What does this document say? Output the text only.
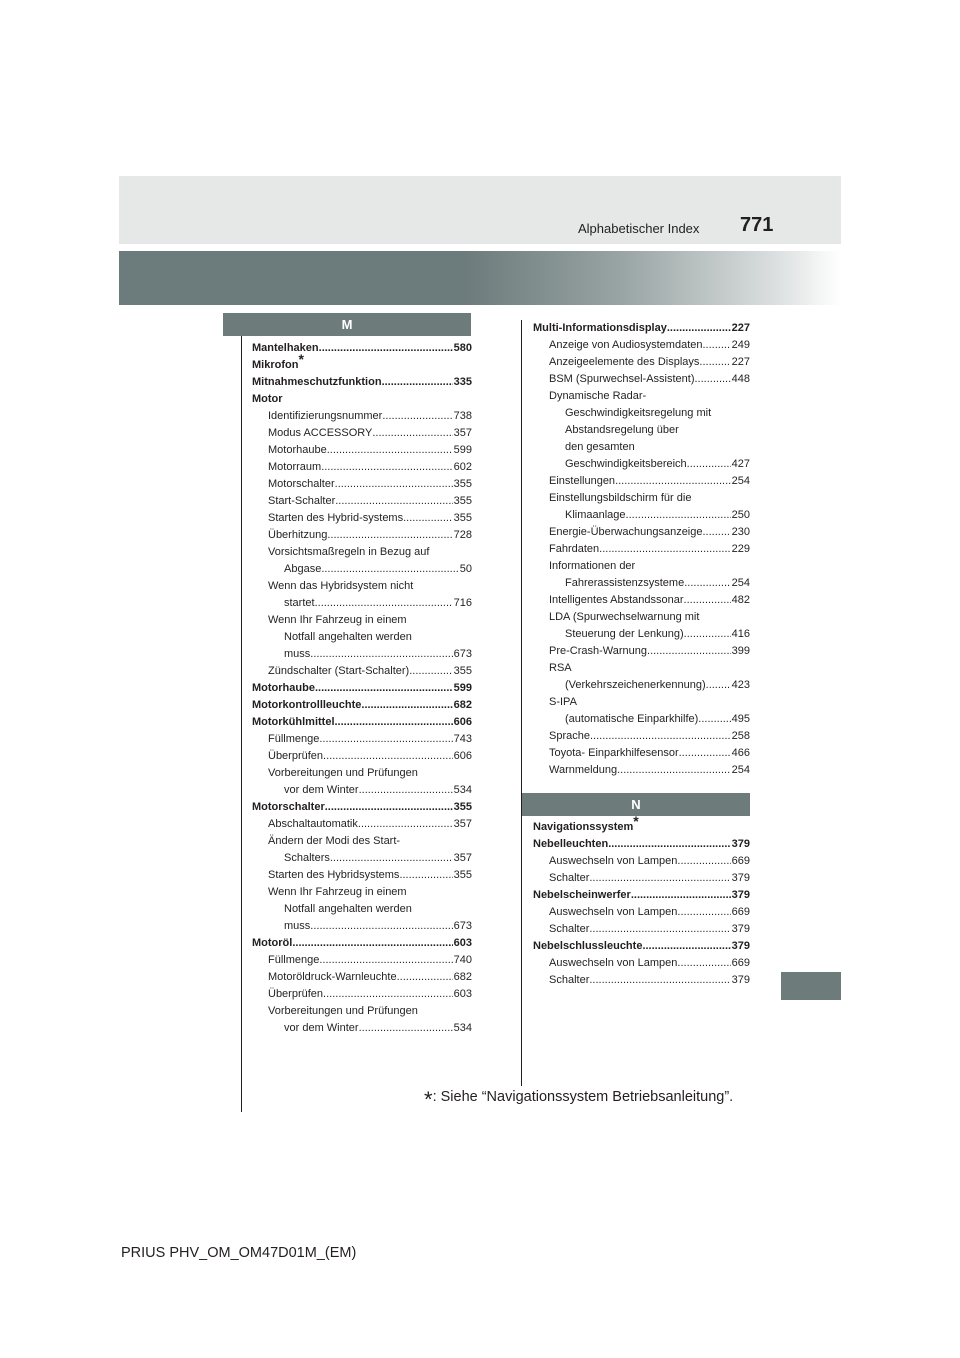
Alphabetischer Index 771
M
N
Mantelhaken .....	580
Mikrofon*
Mitnahmeschutzfunktion .....	335
Motor
Identifizierungsnummer .....	738
Modus ACCESSORY .....	357
Motorhaube .....	599
Motorraum .....	602
Motorschalter .....	355
Start-Schalter .....	355
Starten des Hybrid-systems .....	355
Überhitzung .....	728
Vorsichtsmaßregeln in Bezug auf
Abgase .....	50
Wenn das Hybridsystem nicht
startet .....	716
Wenn Ihr Fahrzeug in einem
Notfall angehalten werden
muss .....	673
Zündschalter (Start-Schalter) .....	355
Motorhaube .....	599
Motorkontrollleuchte .....	682
Motorkühlmittel .....	606
Füllmenge .....	743
Überprüfen .....	606
Vorbereitungen und Prüfungen
vor dem Winter .....	534
Motorschalter .....	355
Abschaltautomatik .....	357
Ändern der Modi des Start-
Schalters .....	357
Starten des Hybridsystems .....	355
Wenn Ihr Fahrzeug in einem
Notfall angehalten werden
muss .....	673
Motoröl .....	603
Füllmenge .....	740
Motoröldruck-Warnleuchte .....	682
Überprüfen .....	603
Vorbereitungen und Prüfungen
vor dem Winter .....	534
Multi-Informationsdisplay .....	227
Anzeige von Audiosystemdaten .....	249
Anzeigeelemente des Displays .....	227
BSM (Spurwechsel-Assistent) .....	448
Dynamische Radar-
Geschwindigkeitsregelung mit
Abstandsregelung über
den gesamten
Geschwindigkeitsbereich .....	427
Einstellungen .....	254
Einstellungsbildschirm für die
Klimaanlage .....	250
Energie-Überwachungsanzeige .....	230
Fahrdaten .....	229
Informationen der
Fahrerassistenzsysteme .....	254
Intelligentes Abstandssonar .....	482
LDA (Spurwechselwarnung mit
Steuerung der Lenkung) .....	416
Pre-Crash-Warnung .....	399
RSA
(Verkehrszeichenerkennung) ..... 423
S-IPA
(automatische Einparkhilfe) .....	495
Sprache .....	258
Toyota- Einparkhilfesensor .....	466
Warnmeldung .....	254
Navigationssystem*
Nebelleuchten .....	379
Auswechseln von Lampen .....	669
Schalter .....	379
Nebelscheinwerfer .....	379
Auswechseln von Lampen .....	669
Schalter .....	379
Nebelschlussleuchte .....	379
Auswechseln von Lampen .....	669
Schalter .....	379
*: Siehe “Navigationssystem Betriebsanleitung”.
PRIUS PHV_OM_OM47D01M_(EM)
